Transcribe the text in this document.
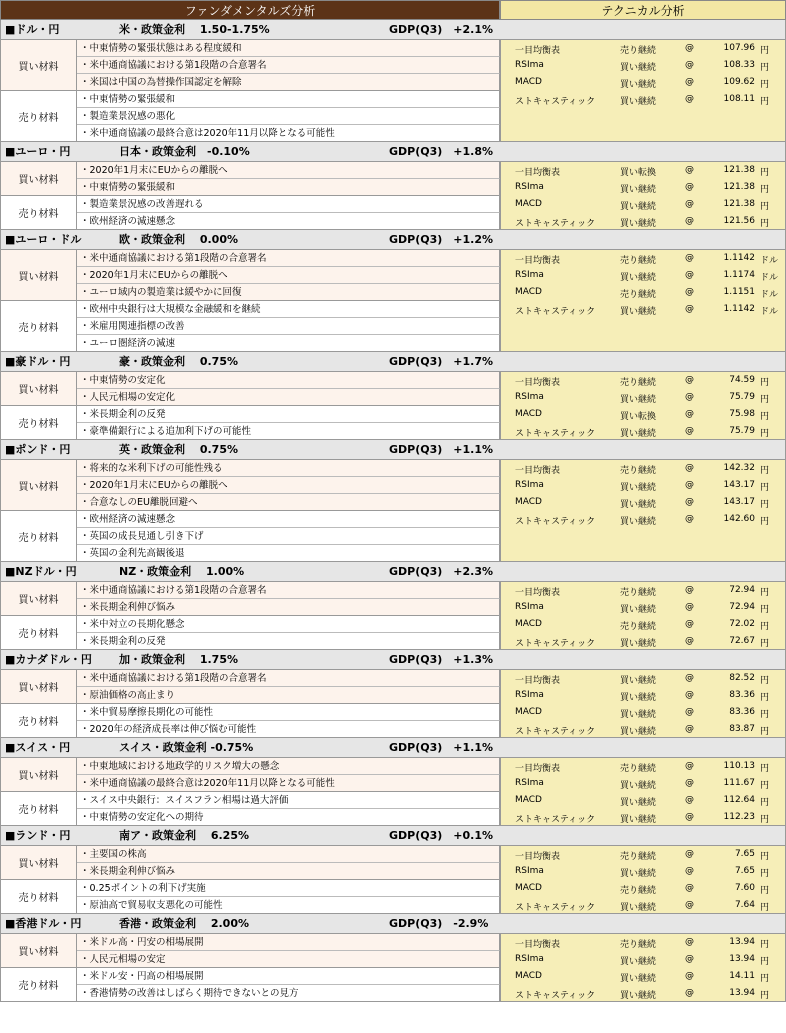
ファンダメンタルズ分析	テクニカル分析
■ドル・円	米・政策金利　 1.50-1.75%	GDP(Q3)　+2.1%
買い材料
・中東情勢の緊張状態はある程度緩和
・米中通商協議における第1段階の合意署名
・米国は中国の為替操作国認定を解除
売り材料
・中東情勢の緊張緩和
・製造業景況感の悪化
・米中通商協議の最終合意は2020年11月以降となる可能性
一目均衡表	売り継続	@	107.96 円
RSIma	買い継続	@	108.33 円
MACD	買い継続	@	109.62 円
ストキャスティック	買い継続	@	108.11 円
■ユーロ・円	日本・政策金利　-0.10%	GDP(Q3)　+1.8%
買い材料
・2020年1月末にEUからの離脱へ
・中東情勢の緊張緩和
売り材料
・製造業景況感の改善遅れる
・欧州経済の減速懸念
一目均衡表	買い転換	@	121.38 円
RSIma	買い継続	@	121.38 円
MACD	買い継続	@	121.38 円
ストキャスティック	買い継続	@	121.56 円
■ユーロ・ドル	欧・政策金利　 0.00%	GDP(Q3)　+1.2%
買い材料
・米中通商協議における第1段階の合意署名
・2020年1月末にEUからの離脱へ
・ユーロ域内の製造業は緩やかに回復
売り材料
・欧州中央銀行は大規模な金融緩和を継続
・米雇用関連指標の改善
・ユーロ圏経済の減速
一目均衡表	売り継続	@	1.1142 ドル
RSIma	買い継続	@	1.1174 ドル
MACD	売り継続	@	1.1151 ドル
ストキャスティック	買い継続	@	1.1142 ドル
■豪ドル・円	豪・政策金利　 0.75%	GDP(Q3)　+1.7%
買い材料
・中東情勢の安定化
・人民元相場の安定化
売り材料
・米長期金利の反発
・豪準備銀行による追加利下げの可能性
一目均衡表	売り継続	@	74.59 円
RSIma	買い継続	@	75.79 円
MACD	買い転換	@	75.98 円
ストキャスティック	買い継続	@	75.79 円
■ポンド・円	英・政策金利　 0.75%	GDP(Q3)　+1.1%
買い材料
・将来的な米利下げの可能性残る
・2020年1月末にEUからの離脱へ
・合意なしのEU離脱回避へ
売り材料
・欧州経済の減速懸念
・英国の成長見通し引き下げ
・英国の金利先高観後退
一目均衡表	売り継続	@	142.32 円
RSIma	買い継続	@	143.17 円
MACD	買い継続	@	143.17 円
ストキャスティック	買い継続	@	142.60 円
■NZドル・円	NZ・政策金利　 1.00%	GDP(Q3)　+2.3%
買い材料
・米中通商協議における第1段階の合意署名
・米長期金利伸び悩み
売り材料
・米中対立の長期化懸念
・米長期金利の反発
一目均衡表	売り継続	@	72.94 円
RSIma	買い継続	@	72.94 円
MACD	売り継続	@	72.02 円
ストキャスティック	買い継続	@	72.67 円
■カナダドル・円 加・政策金利　 1.75%	GDP(Q3)　+1.3%
買い材料
・米中通商協議における第1段階の合意署名
・原油価格の高止まり
売り材料
・米中貿易摩擦長期化の可能性
・2020年の経済成長率は伸び悩む可能性
一目均衡表	買い継続	@	82.52 円
RSIma	買い継続	@	83.36 円
MACD	買い継続	@	83.36 円
ストキャスティック	買い継続	@	83.87 円
■スイス・円	スイス・政策金利 -0.75%	GDP(Q3)　+1.1%
買い材料
・中東地域における地政学的リスク増大の懸念
・米中通商協議の最終合意は2020年11月以降となる可能性
売り材料
・スイス中央銀行：スイスフラン相場は過大評価
・中東情勢の安定化への期待
一目均衡表	売り継続	@	110.13 円
RSIma	買い継続	@	111.67 円
MACD	買い継続	@	112.64 円
ストキャスティック	買い継続	@	112.23 円
■ランド・円	南ア・政策金利　 6.25%	GDP(Q3)　+0.1%
買い材料
・主要国の株高
・米長期金利伸び悩み
売り材料
・0.25ポイントの利下げ実施
・原油高で貿易収支悪化の可能性
一目均衡表	売り継続	@	7.65 円
RSIma	買い継続	@	7.65 円
MACD	売り継続	@	7.60 円
ストキャスティック	買い継続	@	7.64 円
■香港ドル・円	香港・政策金利　 2.00%	GDP(Q3)　-2.9%
買い材料
・米ドル高・円安の相場展開
・人民元相場の安定
売り材料
・米ドル安・円高の相場展開
・香港情勢の改善はしばらく期待できないとの見方
一目均衡表	売り継続	@	13.94 円
RSIma	買い継続	@	13.94 円
MACD	買い継続	@	14.11 円
ストキャスティック	買い継続	@	13.94 円
